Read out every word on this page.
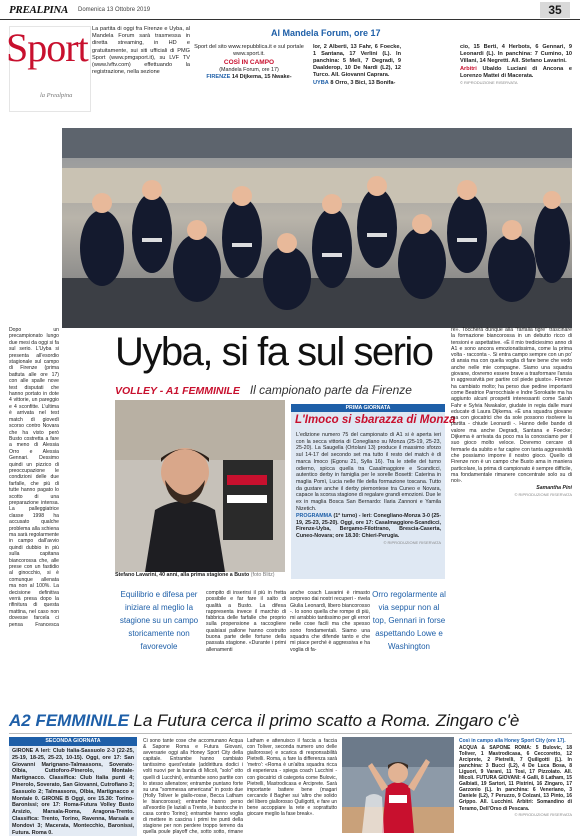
PREALPINA Domenica 13 Ottobre 2019	35
Sport
la Prealpina

La partita di oggi fra Firenze e Uyba, al Mandela Forum sarà trasmessa in diretta streaming, in HD e gratuitamente, sui siti ufficiali di PMG Sport (www.pmgsport.it), su LVF TV (www.lvftv.com) effettuando la registrazione, nella sezione

Al Mandela Forum, ore 17

Sport del sito www.repubblica.it e sul portale www.sport.it.

COSÌ IN CAMPO

(Mandela Forum, ore 17)

FIRENZE 14 Dijkema, 15 Nwake-

lor, 2 Alberti, 13 Fahr, 6 Foecke, 1 Santana, 17 Verlini (L). In panchina: 5 Meli, 7 Degradi, 9 Daalderop, 10 De Nardi (L2), 12 Turco. All. Giovanni Caprara.

UYBA 8 Orro, 3 Bici, 13 Bonifa-

cio, 15 Berti, 4 Herbots, 6 Gennari, 9 Leonardi (L). In panchina: 7 Cumino, 10 Villani, 14 Negretti. All. Stefano Lavarini.

Arbitri Ubaldo Luciani di Ancona e Lorenzo Mattei di Macerata.

© RIPRODUZIONE RISERVATA

Dopo un precampionato lungo due mesi da oggi si fa sul serio. L'Uyba si presenta all'esordio stagionale sul campo di Firenze (prima battuta alle ore 17) con alle spalle nove test disputati che hanno portato in dote 4 vittorie, un pareggio e 4 sconfitte. L'ultima è arrivata nel test match di giovedì scorso contro Novara che ha visto però Busto costretta a fare a meno di Alessia Orro e Alessia Gennari. Dessimo quindi un pizzico di preoccupazione le condizioni delle due farfalle, che più di tutte hanno pagato lo scotto di una preparazione intensa. La palleggiatrice classe 1998 ha accusato qualche problema alla schiena ma sarà regolarmente in campo dall'avvio quindi dubbio in più sulla capitana biancorossa che, alle prese con un fastidio al ginocchio, si è comunque allenata ma non al 100%. La decisione definitiva verrà presa dopo la rifinitura di questa mattina, nel caso non dovesse farcela ci pensa Francesca

Uyba, si fa sul serio
VOLLEY - A1 FEMMINILE Il campionato parte da Firenze
Stefano Lavarini, 40 anni, alla prima stagione a Busto (foto Blitz)
PRIMA GIORNATA
L'Imoco si sbarazza di Monza

L'edizione numero 75 del campionato di A1 si è aperta ieri con la secca vittoria di Conegliano su Monza (25-19, 25-23, 25-20). La Saugella (Ortolani 13) produce il massimo sforzo sul 14-17 del secondo set ma tutto il resto del match è di marca Imoco (Egonu 21, Sylla 16). Tra le stelle del turno odierno, spicca quella tra Casalmaggiore e Scandicci, autentico derby in famiglia per le sorelle Bosetti: Caterina in maglia Pomì, Lucia nelle file della formazione toscana. Tutto da gustare anche il derby piemontese tra Cuneo e Novara, capace la scorsa stagione di regalare grandi emozioni. Due le ex in maglia Bosca San Bernardo: Ilaria Zannoni e Yamila Nizetich.

PROGRAMMA (1ª turno) - Ieri: Conegliano-Monza 3-0 (25-19, 25-23, 25-20). Oggi, ore 17: Casalmaggiore-Scandicci, Firenze-Uyba, Bergamo-Filottrano, Brescia-Caserta, Cuneo-Novara; ore 18.30: Chieri-Perugia.

© RIPRODUZIONE RISERVATA

Equilibrio e difesa per iniziare al meglio la stagione su un campo storicamente non favorevole
Orro regolarmente al via seppur non al top, Gennari in forse aspettando Lowe e Washington

compito di inserirsi il più in fretta possibile e far fare il salto di qualità a Busto. La difesa rappresenta invece il marchio di fabbrica delle farfalle che proprio sulla propensione a raccogliere qualsiasi pallone hanno costruito buona parte delle fortune della passata stagione. «Durante i primi allenamenti

anche coach Lavarini è rimasto sorpreso dai nostri recuperi - rivela Giulia Leonardi, libero biancorosso -. Io sono quella che rompe di più, mi arrabbio tantissimo per gli errori nelle cose facili ma che spesso sono fondamentali. Siamo una squadra che difende tanto e che mi piace perché è aggressiva e ha voglia di fa-

re». Toccherà dunque alla "farfalla tigre" trascinare la formazione biancorossa in un debutto ricco di tensioni e aspettative. «È il mio trediciesimo anno di A1 e sono ancora emozionatissima, come la prima volta - racconta -. Si entra campo sempre con un po' di ansia ma con quella voglia di fare bene che vedo anche nelle mie compagne. Siamo una squadra giovane, dovremo essere brave a trasformare l'ansia in aggressività per partire col piede giusto». Firenze ha cambiato molto; ha perso due pedine importanti come Beatrice Parrocchiale e Indre Sorokaite ma ha aggiunto alcuni prospetti interessanti come Sarah Fahr e Sylvia Nwakalor, giudate in regia dalle mani educate di Laura Dijkema. «È una squadra giovane ma con giocatrici che da sole possono risolvere la partita - chiude Leonardi -. Hanno delle bande di valore ma anche Degradi, Santana e Foecke; Dijkema è arrivata da poco ma la conosciamo per il suo gioco molto veloce. Dovremo cercare di fermarle da subito e far capire con tanta aggressività che possiamo imporre il nostro gioco. Quello di Firenze non è un campo che Busto ama in maniera particolare, la prima di campionato è sempre difficile, ma fondamentale rimanere concentrate solo su di noi».

Samantha Pini

© RIPRODUZIONE RISERVATA

A2 FEMMINILE La Futura cerca il primo scatto a Roma. Zingaro c'è
SECONDA GIORNATA

GIRONE A Ieri: Club Italia-Sassuolo 2-3 (22-25, 25-19, 18-25, 25-23, 10-15). Oggi, ore 17: San Giovanni Marignano-Talmassons, Soverato-Olbia, Cuttoforo-Pinerolo, Montale-Martignacco. Classifica: Club Italia punti 4; Pinerolo, Soverato, San Giovanni, Cutrofiano 3; Sassuolo 2; Talmassons, Olbia, Martignacco e Montale 0. GIRONE B Oggi, ore 15.30: Torino-Baronissi; ore 17: Roma-Futura Volley Busto Arsizio, Marsala-Roma, Aragona-Trento. Classifica: Trento, Torino, Ravenna, Marsala e Mondovì 3; Macerata, Montecchio, Baronissi, Futura, Roma 0.

Ci sono tante cose che accomunano Acqua & Sapone Roma e Futura Giovani, avversarie oggi alla Honey Sport City della capitale. Entrambe hanno cambiato tantissimo quest'estate (addirittura dodici i volti nuovi per la banda di Micoli, "solo" otto quelli di Lucchini), entrambe sono partite con lo stesso allenatore; entrambe puntano forte su una "sommessa americana" in posto due (Holly Toliver le giallo-rosse, Becca Latham le biancorosse); entrambe hanno perso all'esordio (le laziali a Trento, le bustocche in casa contro Torino); entrambe hanno voglia di mettere in cascina i primi tre punti della stagione per non perdere troppo terreno da quella poule playoff che, sotto sotto, rimane

Latham e attenuisco il faccia a faccia con Toliver, seconda numero uno delle giallorosse) e scarica di responsabilità Pietrelli. Roma, a fare la differenza sarà 'metro': «Roma è un'altra squadra ricca di esperienza - spiega coach Lucchini - con giocatrici di categoria come Bulovic, Pietrelli, Mastrodicasa e Arciprete. Sarà importante battere bene (magari cercando il Bagher sui 'altro che solido del libero giallorosso Quiligotti, e fare un bene accoppiare la rete e soprattutto giocare meglio la fase break».

Così in campo alla Honey Sport City (ore 17).

ACQUA & SAPONE ROMA: 5 Bulovic, 18 Toliver, 1 Mastrodicasa, 6 Ceccoretto, 12 Arciprete, 2 Pietrelli, 7 Quiligotti (L). In panchina: 3 Bucci (L2), 4 De Luca Bosa, 8 Liguori, 9 Varani, 11 Tosi, 17 Pizzolato. All. Micoli. FUTURA GIOVANI: 4 Galli, 8 Latham, 15 Galbiati, 19 Sartori, 11 Pistrini, 16 Zingaro, 17 Garzonio (L). In panchina: 6 Veneriano, 3 Daniele (L2), 7 Peruzzo, 9 Colzani, 13 Pinto, 16 Grippo. All. Lucchini. Arbitri: Somandino di Teramo, Dell'Orso di Pescara.

© RIPRODUZIONE RISERVATA
